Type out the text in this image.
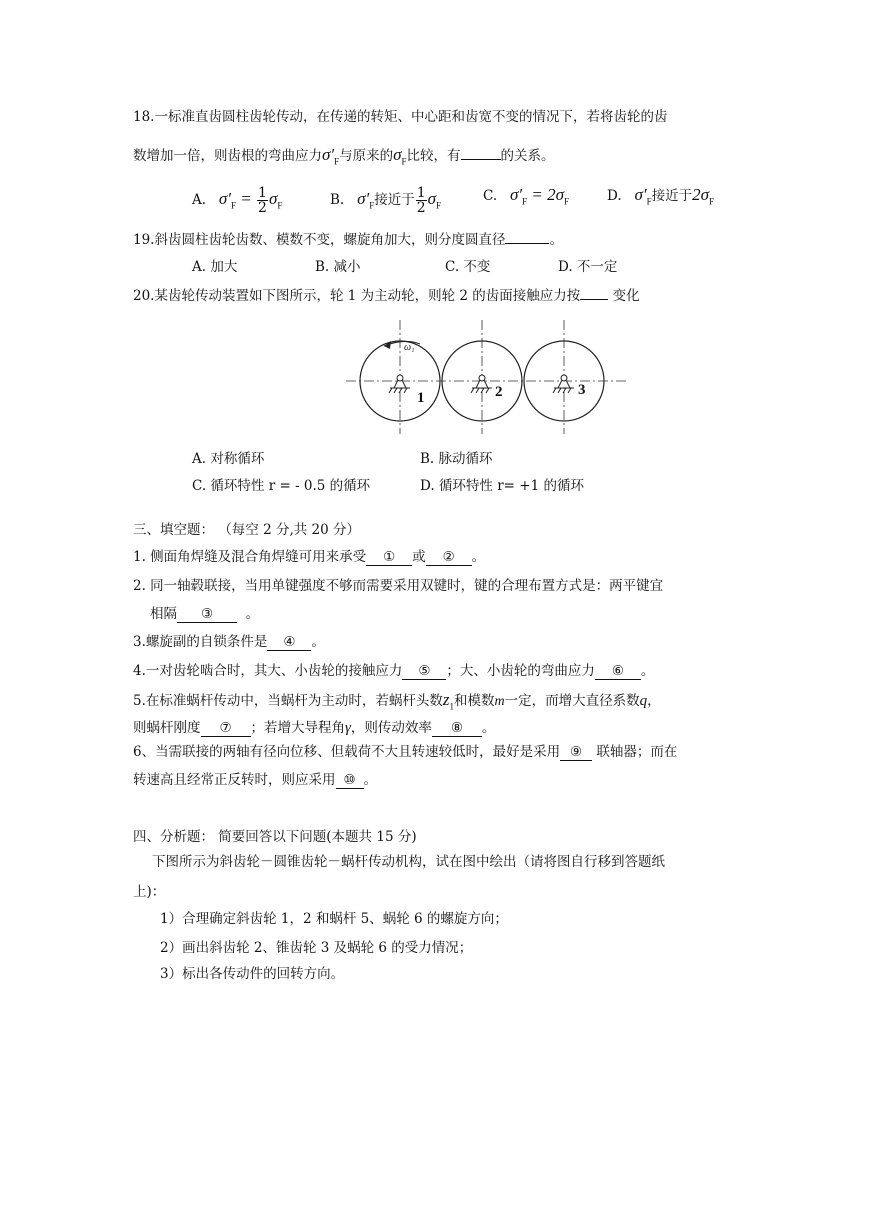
18.一标准直齿圆柱齿轮传动，在传递的转矩、中心距和齿宽不变的情况下，若将齿轮的齿
数增加一倍，则齿根的弯曲应力$\sigma'_F$与原来的$\sigma_F$比较，有	的关系。
A. $\sigma'_F = \frac{1}{2} \sigma_F$	B. $\sigma'_F$接近于 $\frac{1}{2} \sigma_F$
C. $\sigma'_F = 2\sigma_F$	D. $\sigma'_F$接近于$2\sigma_F$
19.斜齿圆柱齿轮齿数、模数不变，螺旋角加大，则分度圆直径	。
A. 加大	B. 减小	C. 不变	D. 不一定
20.某齿轮传动装置如下图所示，轮 1 为主动轮，则轮 2 的齿面接触应力按 变化
ω₁
1	2	3
A. 对称循环	B. 脉动循环
C. 循环特性 r = - 0.5 的循环	D. 循环特性 r= +1 的循环
三、填空题： （每空 2 分,共 20 分）
1. 侧面角焊缝及混合角焊缝可用来承受 ① 或 ② 。
2. 同一轴毂联接，当用单键强度不够而需要采用双键时，键的合理布置方式是：两平键宜
相隔 ③ 。
3.螺旋副的自锁条件是 ④ 。
4.一对齿轮啮合时，其大、小齿轮的接触应力 ⑤ ；大、小齿轮的弯曲应力 ⑥ 。
5.在标准蜗杆传动中，当蜗杆为主动时，若蜗杆头数$z_1$和模数m一定，而增大直径系数q，
则蜗杆刚度 ⑦ ；若增大导程角γ，则传动效率 ⑧ 。
6、当需联接的两轴有径向位移、但载荷不大且转速较低时，最好是采用 ⑨ 联轴器；而在
转速高且经常正反转时，则应采用 ⑩ 。
四、分析题： 简要回答以下问题(本题共 15 分)
下图所示为斜齿轮－圆锥齿轮－蜗杆传动机构，试在图中绘出（请将图自行移到答题纸
上)：
1）合理确定斜齿轮 1，2 和蜗杆 5、蜗轮 6 的螺旋方向；
2）画出斜齿轮 2、锥齿轮 3 及蜗轮 6 的受力情况；
3）标出各传动件的回转方向。
